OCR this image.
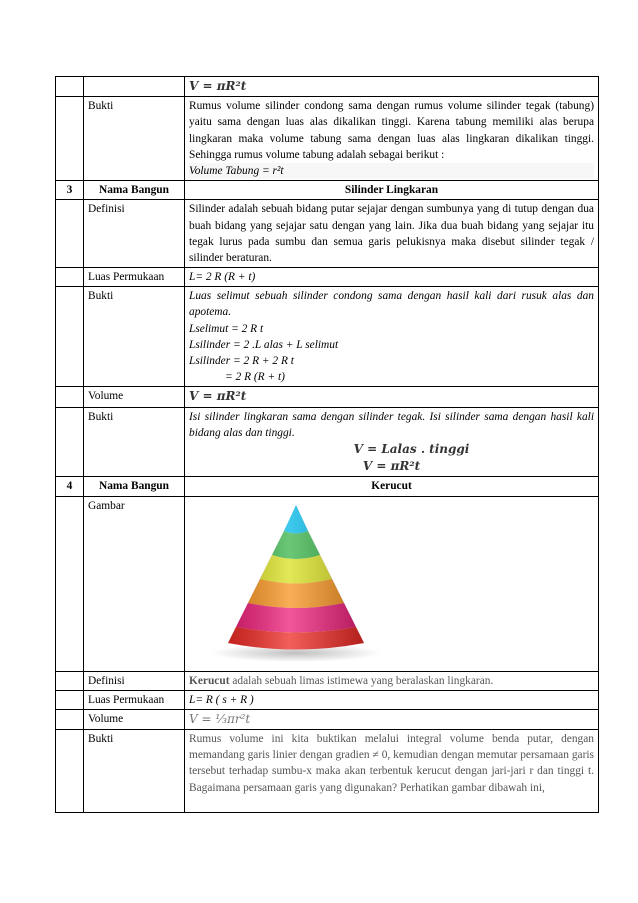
		V = πR²t
	Bukti	Rumus volume silinder condong sama dengan rumus volume silinder tegak (tabung) yaitu sama dengan luas alas dikalikan tinggi. Karena tabung memiliki alas berupa lingkaran maka volume tabung sama dengan luas alas lingkaran dikalikan tinggi. Sehingga rumus volume tabung adalah sebagai berikut :
Volume Tabung = r²t

3	Nama Bangun	Silinder Lingkaran
	Definisi	Silinder adalah sebuah bidang putar sejajar dengan sumbunya yang di tutup dengan dua buah bidang yang sejajar satu dengan yang lain. Jika dua buah bidang yang sejajar itu tegak lurus pada sumbu dan semua garis pelukisnya maka disebut silinder tegak / silinder beraturan.
	Luas Permukaan	L= 2 R (R + t)
	Bukti	Luas selimut sebuah silinder condong sama dengan hasil kali dari rusuk alas dan apotema.
Lselimut = 2 R t
Lsilinder = 2 .L alas + L selimut
Lsilinder = 2 R + 2 R t
= 2 R (R + t)

	Volume	V = πR²t
	Bukti	Isi silinder lingkaran sama dengan silinder tegak. Isi silinder sama dengan hasil kali bidang alas dan tinggi.
V = Lalas . tinggi
V = πR²t

4	Nama Bangun	Kerucut
	Gambar	

	Definisi	Kerucut adalah sebuah limas istimewa yang beralaskan lingkaran.
	Luas Permukaan	L= R ( s + R )
	Volume	V = ⅓πr²t
	Bukti	Rumus volume ini kita buktikan melalui integral volume benda putar, dengan memandang garis linier dengan gradien ≠ 0, kemudian dengan memutar persamaan garis tersebut terhadap sumbu-x maka akan terbentuk kerucut dengan jari-jari r dan tinggi t. Bagaimana persamaan garis yang digunakan? Perhatikan gambar dibawah ini,
